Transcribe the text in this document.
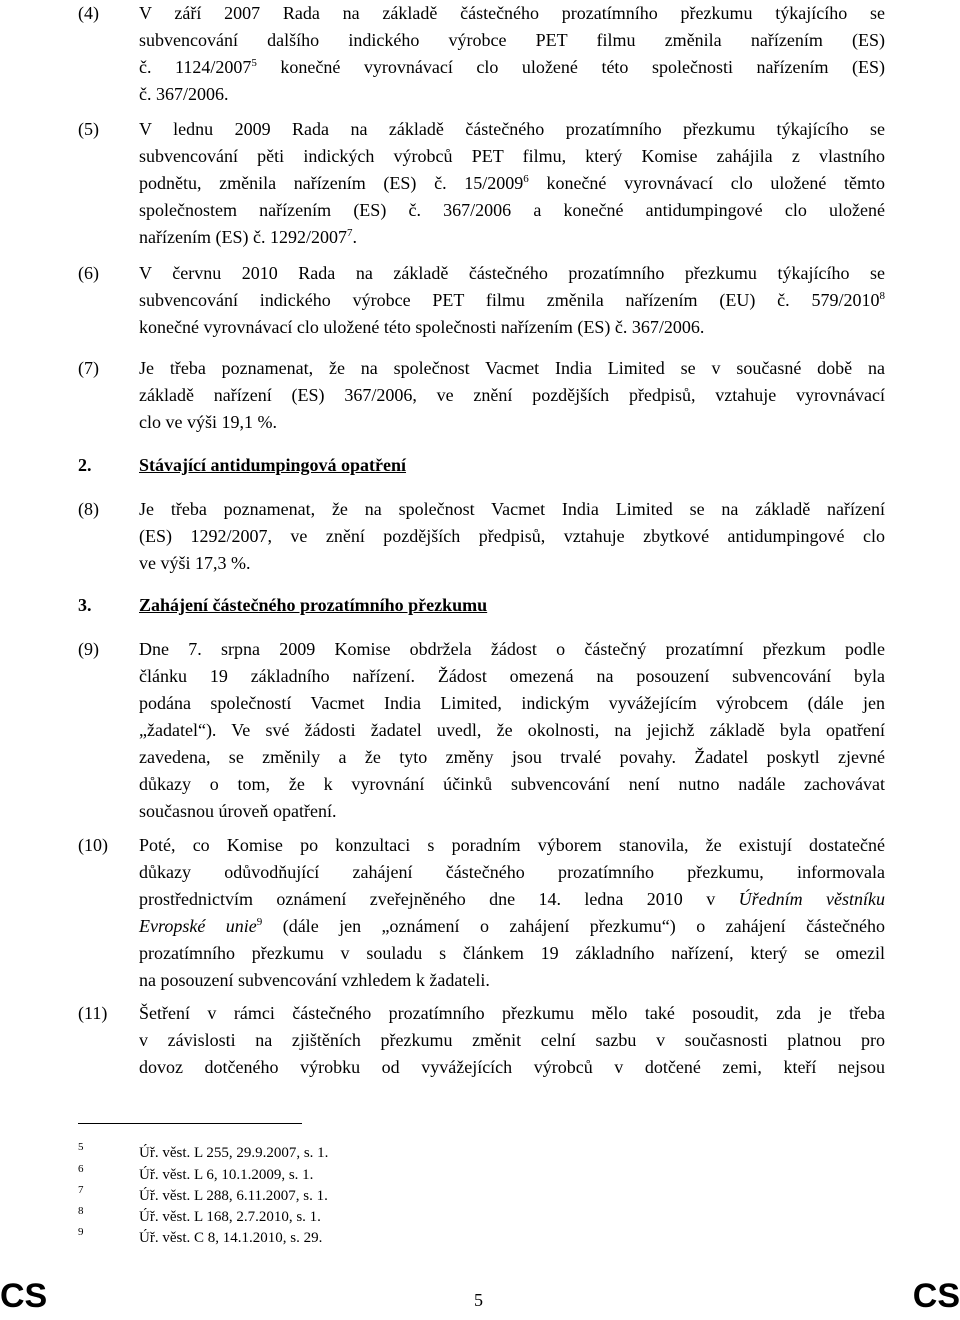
(4) V září 2007 Rada na základě částečného prozatímního přezkumu týkajícího se
subvencování dalšího indického výrobce PET filmu změnila nařízením (ES)
č. 1124/2007$^5$ konečné vyrovnávací clo uložené této společnosti nařízením (ES)
č. 367/2006.
(5) V lednu 2009 Rada na základě částečného prozatímního přezkumu týkajícího se
subvencování pěti indických výrobců PET filmu, který Komise zahájila z vlastního
podnětu, změnila nařízením (ES) č. 15/2009$^6$ konečné vyrovnávací clo uložené těmto
společnostem nařízením (ES) č. 367/2006 a konečné antidumpingové clo uložené
nařízením (ES) č. 1292/2007$^7$.
(6) V červnu 2010 Rada na základě částečného prozatímního přezkumu týkajícího se
subvencování indického výrobce PET filmu změnila nařízením (EU) č. 579/2010$^8$
konečné vyrovnávací clo uložené této společnosti nařízením (ES) č. 367/2006.
(7) Je třeba poznamenat, že na společnost Vacmet India Limited se v současné době na
základě nařízení (ES) 367/2006, ve znění pozdějších předpisů, vztahuje vyrovnávací
clo ve výši 19,1 %.
2.	Stávající antidumpingová opatření
(8) Je třeba poznamenat, že na společnost Vacmet India Limited se na základě nařízení
(ES) 1292/2007, ve znění pozdějších předpisů, vztahuje zbytkové antidumpingové clo
ve výši 17,3 %.
3.	Zahájení částečného prozatímního přezkumu
(9) Dne 7. srpna 2009 Komise obdržela žádost o částečný prozatímní přezkum podle
článku 19 základního nařízení. Žádost omezená na posouzení subvencování byla
podána společností Vacmet India Limited, indickým vyvážejícím výrobcem (dále jen
„žadatel“). Ve své žádosti žadatel uvedl, že okolnosti, na jejichž základě byla opatření
zavedena, se změnily a že tyto změny jsou trvalé povahy. Žadatel poskytl zjevné
důkazy o tom, že k vyrovnání účinků subvencování není nutno nadále zachovávat
současnou úroveň opatření.
(10) Poté, co Komise po konzultaci s poradním výborem stanovila, že existují dostatečné
důkazy odůvodňující zahájení částečného prozatímního přezkumu, informovala
prostřednictvím oznámení zveřejněného dne 14. ledna 2010 v Úředním věstníku
Evropské unie$^9$ (dále jen „oznámení o zahájení přezkumu“) o zahájení částečného
prozatímního přezkumu v souladu s článkem 19 základního nařízení, který se omezil
na posouzení subvencování vzhledem k žadateli.
(11) Šetření v rámci částečného prozatímního přezkumu mělo také posoudit, zda je třeba
v závislosti na zjištěních přezkumu změnit celní sazbu v současnosti platnou pro
dovoz dotčeného výrobku od vyvážejících výrobců v dotčené zemi, kteří nejsou
5	Úř. věst. L 255, 29.9.2007, s. 1.
6	Úř. věst. L 6, 10.1.2009, s. 1.
7	Úř. věst. L 288, 6.11.2007, s. 1.
8	Úř. věst. L 168, 2.7.2010, s. 1.
9	Úř. věst. C 8, 14.1.2010, s. 29.
CS	5	CS
